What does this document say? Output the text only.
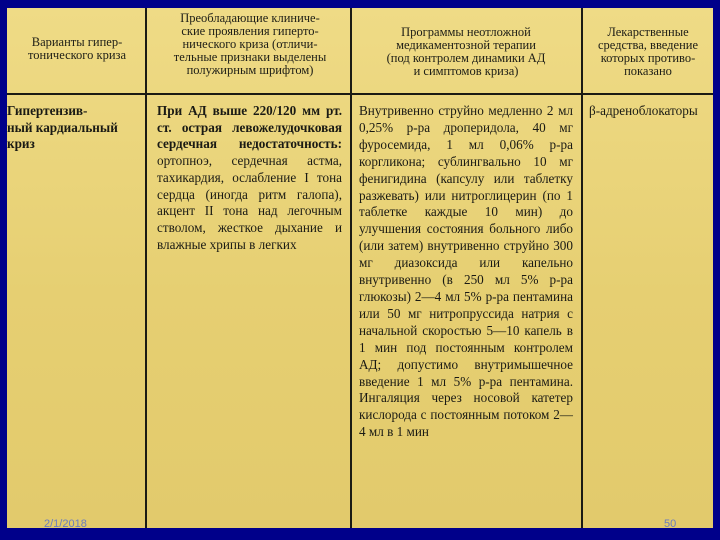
Варианты гипер-
тонического криза
Преобладающие клиниче-
ские проявления гиперто-
нического криза (отличи-
тельные признаки выделены
полужирным шрифтом)
Программы неотложной
медикаментозной терапии
(под контролем динамики АД
и симптомов криза)
Лекарственные
средства, введение
которых противо-
показано
Гипертензив-
ный кардиальный
криз
При АД выше 220/120 мм рт. ст. острая левожелудочковая сердечная недостаточность: ортопноэ, сердечная астма, тахикардия, ослабление I тона сердца (иногда ритм галопа), акцент II тона над легочным стволом, жесткое дыхание и влажные хрипы в легких
Внутривенно струйно медленно 2 мл 0,25% р-ра дроперидола, 40 мг фуросемида, 1 мл 0,06% р-ра коргликона; сублингвально 10 мг фенигидина (капсулу или таблетку разжевать) или нитроглицерин (по 1 таблетке каждые 10 мин) до улучшения состояния больного либо (или затем) внутривенно струйно 300 мг диазоксида или капельно внутривенно (в 250 мл 5% р-ра глюкозы) 2—4 мл 5% р-ра пентамина или 50 мг нитропруссида натрия с начальной скоростью 5—10 капель в 1 мин под постоянным контролем АД; допустимо внутримышечное введение 1 мл 5% р-ра пентамина. Ингаляция через носовой катетер кислорода с постоянным потоком 2—4 мл в 1 мин
β-адреноблокаторы
2/1/2018	50
